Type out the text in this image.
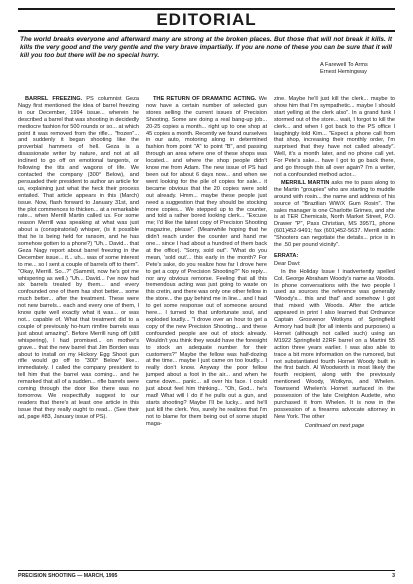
EDITORIAL
The world breaks everyone and afterward many are strong at the broken places. But those that will not break it kills. It kills the very good and the very gentle and the very brave impartially. If you are none of these you can be sure that it will kill you too but there will be no special hurry.
A Farewell To Arms
Ernest Hemingway

BARREL FREEZING. PS columnist Geza Nagy first mentioned the idea of barrel freezing in our December, 1994 issue... wherein he described a barrel that was shooting in decidedly mediocre fashion for 500 rounds or so... at which point it was removed from the rifle... "frozen"... and suddenly it began shooting like the proverbial hammers of hell. Geza is a disassionate writer by nature, and not at all inclined to go off on emotional tangents, or following the tits and wagons of life. We contacted the company (300° Below), and persuaded their president to author an article for us, explaining just what the heck their process entailed. That article appears in this (March) issue. Now, flash forward to January 31st, and the plot commences to thicken... at a remarkable rate... when Merrill Martin called us. For some reason Merrill was speaking at what was just about a (conspiratorial) whisper, (is it possible that he is being held for ransom, and he has somehow gotten to a phone?) "Uh... David... that Geza Nagy report about barrel freezing in the December issue... it... uh... was of some interest to me... so I sent a couple of barrels off to them". "Okay, Merrill. So...?" (Sammit, now he's got me whispering as well.) "Uh... David... I've now had six barrels treated by them... and every confounded one of them has shot better... some much better... after the treatment. These were not new barrels... each and every one of them, I know quite well exactly what it was... or was not... capable of. What that treatment did to a couple of previously ho-hum rimfire barrels was just about amazing". Before Merrill rung off (still whispering), I had promised... on mother's grave... that the new barrel that Jim Borden was about to install on my Hickory Egg Shoot gun rifle would go off to "300° Below" like... immediately. I called the company president to tell him that the barrel was coming... and he remarked that all of a sudden... rifle barrels were coming through the door like there was no tomorrow. We respectfully suggest to our readers that there's at least one article in this issue that they really ought to read... (See their ad, page #83, January issue of PS).

THE RETURN OF DRAMATIC ACTING. We now have a certain number of selected gun stores selling the current issues of Precision Shooting. Some are doing a real bang-up job... 20-25 copies a month... right up to one shop at 45 copies a month. Recently we found ourselves in our auto, motoring along in determined fashion from point "A" to point "B", and passing through an area where one of these shops was located... and where the shop people didn't know me from Adam. The new issue of PS had been out for about 6 days now... and when we went looking for the pile of copies for sale... it became obvious that the 20 copies were sold out already. Hmm... maybe these people just need a suggestion that they should be stocking more copies... We stepped up to the counter, and told a rather bored looking clerk... "Excuse me; I'd like the latest copy of Precision Shooting magazine, please". (Meanwhile hoping that he didn't reach under the counter and hand me one... since I had about a hundred of them back at the office). "Sorry, sold out". "What do you mean, 'sold out'... this early in the month? For Pete's sake, do you realize how far I drove here to get a copy of Precision Shooting?" No reply... nor any obvious remorse. Feeling that all this tremendous acting was just going to waste on this cretin, and there was only one other fellow in the store... the guy behind me in line... and I had to get some response out of someone around here... I turned to that unfortunate soul, and exploded loudly... "I drove over an hour to get a copy of the new Precision Shooting... and these confounded people are out of stock already. Wouldn't you think they would have the foresight to stock an adequate number for their customers?" Maybe the fellow was half-dozing at the time... maybe I just came on too loudly... I really don't know. Anyway the poor fellow jumped about a foot in the air... and when he came down... panic... all over his face. I could just about feel him thinking... "Oh, God... he's mad! What will I do if he pulls out a gun, and starts shooting? Maybe I'll be lucky... and he'll just kill the clerk. Yes, surely he realizes that I'm not to blame for them being out of some stupid maga-

zine. Maybe he'll just kill the clerk... maybe to show him that I'm sympathetic... maybe I should start yelling at the clerk also". In a grand funk I stormed out of the store... wait, I forgot to kill the clerk... and when I got back to the PS office I laughingly told Kim... "Expect a phone call from that shop, increasing their monthly order, I'm surprised that they have not called already". Well, it's a month later, and no phone call yet. For Pete's sake... have I got to go back there, and go through this all over again? I'm a writer, not a confounded method actor...

MERRILL MARTIN asks me to pass along to the Martin "groupies" who are starting to muddle around with rosin... the name and address of his source of "Brazilian WW/X Gum Rosin". The sales manager is one Charlotte Grimes, and she is at TER Chemicals, North Market Street, P.O. Drawer "P", Pass Christian, MS 39571, phone (601)452-9491; fax (601)452-5637. Merrill adds: "Shooters can negotiate the details... price is in the .50 per pound vicinity".

ERRATA:

Dear Davi:

In the Holiday Issue I inadvertently spelled Col. George Abraham Woody's name as Woods. In phone conversations with the two people I used as sources the reference was generally "Woody's... this and that" and somehow I got that mixed with Woods. After the article appeared in print I also learned that Ordnance Captain Grosvenor Wotkyns of Springfield Armory had built (for all intents and purposes) a Hornet (although not called such) using an M1922 Springfield 22RF barrel on a Martini 55 action three years earlier. I was also able to trace a bit more information on the rumored, but not substantiated fourth Hornet Woody built in the first batch. Al Woodworth is most likely the fourth recipient, along with the previously mentioned Woody, Wotkyns, and Whelen. Townsend Whelen's Hornet surfaced in the possession of the late Creighton Audette, who purchased it from Whelen. It is now in the possession of a firearms advocate attorney in New York. The other

Continued on next page
PRECISION SHOOTING — MARCH, 1995	3
